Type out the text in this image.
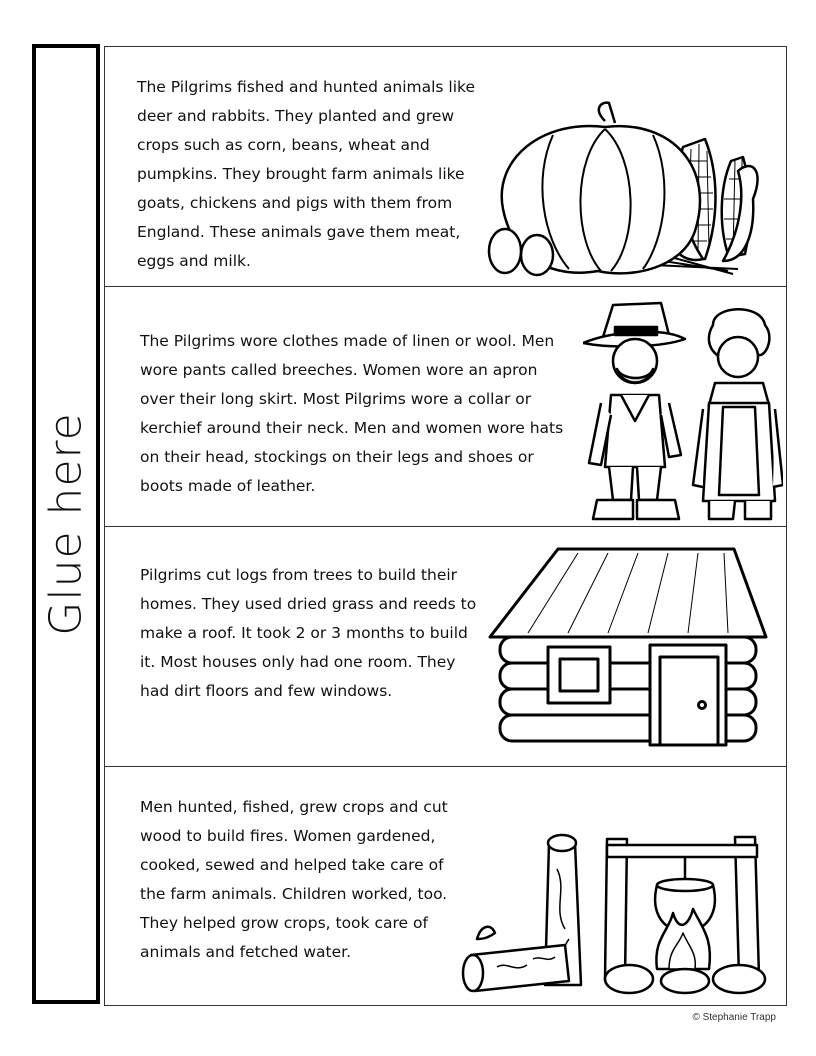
Glue here

The Pilgrims fished and hunted animals like deer and rabbits. They planted and grew crops such as corn, beans, wheat and pumpkins. They brought farm animals like goats, chickens and pigs with them from England. These animals gave them meat, eggs and milk.

The Pilgrims wore clothes made of linen or wool. Men wore pants called breeches. Women wore an apron over their long skirt. Most Pilgrims wore a collar or kerchief around their neck. Men and women wore hats on their head, stockings on their legs and shoes or boots made of leather.

Pilgrims cut logs from trees to build their homes. They used dried grass and reeds to make a roof. It took 2 or 3 months to build it. Most houses only had one room. They had dirt floors and few windows.

Men hunted, fished, grew crops and cut wood to build fires. Women gardened, cooked, sewed and helped take care of the farm animals. Children worked, too. They helped grow crops, took care of animals and fetched water.

© Stephanie Trapp
